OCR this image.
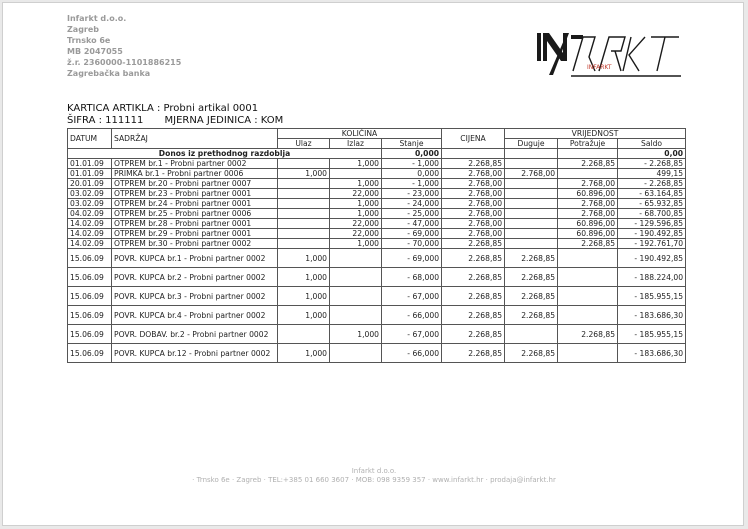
Infarkt d.o.o.
Zagreb
Trnsko 6e
MB 2047055
ž.r. 2360000-1101886215
Zagrebačka banka
INFARKT
KARTICA ARTIKLA : Probni artikal 0001
ŠIFRA : 111111 MJERNA JEDINICA : KOM
DATUM	SADRŽAJ	KOLIČINA			CIJENA	VRIJEDNOST		
		Ulaz	Izlaz	Stanje		Duguje	Potražuje	Saldo
Donos iz prethodnog razdoblja				0,000				0,00
01.01.09	OTPREM br.1 - Probni partner 0002		1,000	- 1,000	2.268,85		2.268,85	- 2.268,85
01.01.09	PRIMKA br.1 - Probni partner 0006	1,000		0,000	2.768,00	2.768,00		499,15
20.01.09	OTPREM br.20 - Probni partner 0007		1,000	- 1,000	2.768,00		2.768,00	- 2.268,85
03.02.09	OTPREM br.23 - Probni partner 0001		22,000	- 23,000	2.768,00		60.896,00	- 63.164,85
03.02.09	OTPREM br.24 - Probni partner 0001		1,000	- 24,000	2.768,00		2.768,00	- 65.932,85
04.02.09	OTPREM br.25 - Probni partner 0006		1,000	- 25,000	2.768,00		2.768,00	- 68.700,85
14.02.09	OTPREM br.28 - Probni partner 0001		22,000	- 47,000	2.768,00		60.896,00	- 129.596,85
14.02.09	OTPREM br.29 - Probni partner 0001		22,000	- 69,000	2.768,00		60.896,00	- 190.492,85
14.02.09	OTPREM br.30 - Probni partner 0002		1,000	- 70,000	2.268,85		2.268,85	- 192.761,70
15.06.09	POVR. KUPCA br.1 - Probni partner 0002	1,000		- 69,000	2.268,85	2.268,85		- 190.492,85
15.06.09	POVR. KUPCA br.2 - Probni partner 0002	1,000		- 68,000	2.268,85	2.268,85		- 188.224,00
15.06.09	POVR. KUPCA br.3 - Probni partner 0002	1,000		- 67,000	2.268,85	2.268,85		- 185.955,15
15.06.09	POVR. KUPCA br.4 - Probni partner 0002	1,000		- 66,000	2.268,85	2.268,85		- 183.686,30
15.06.09	POVR. DOBAV. br.2 - Probni partner 0002		1,000	- 67,000	2.268,85		2.268,85	- 185.955,15
15.06.09	POVR. KUPCA br.12 - Probni partner 0002	1,000		- 66,000	2.268,85	2.268,85		- 183.686,30
Infarkt d.o.o.
· Trnsko 6e · Zagreb · TEL:+385 01 660 3607 · MOB: 098 9359 357 · www.infarkt.hr · prodaja@infarkt.hr
